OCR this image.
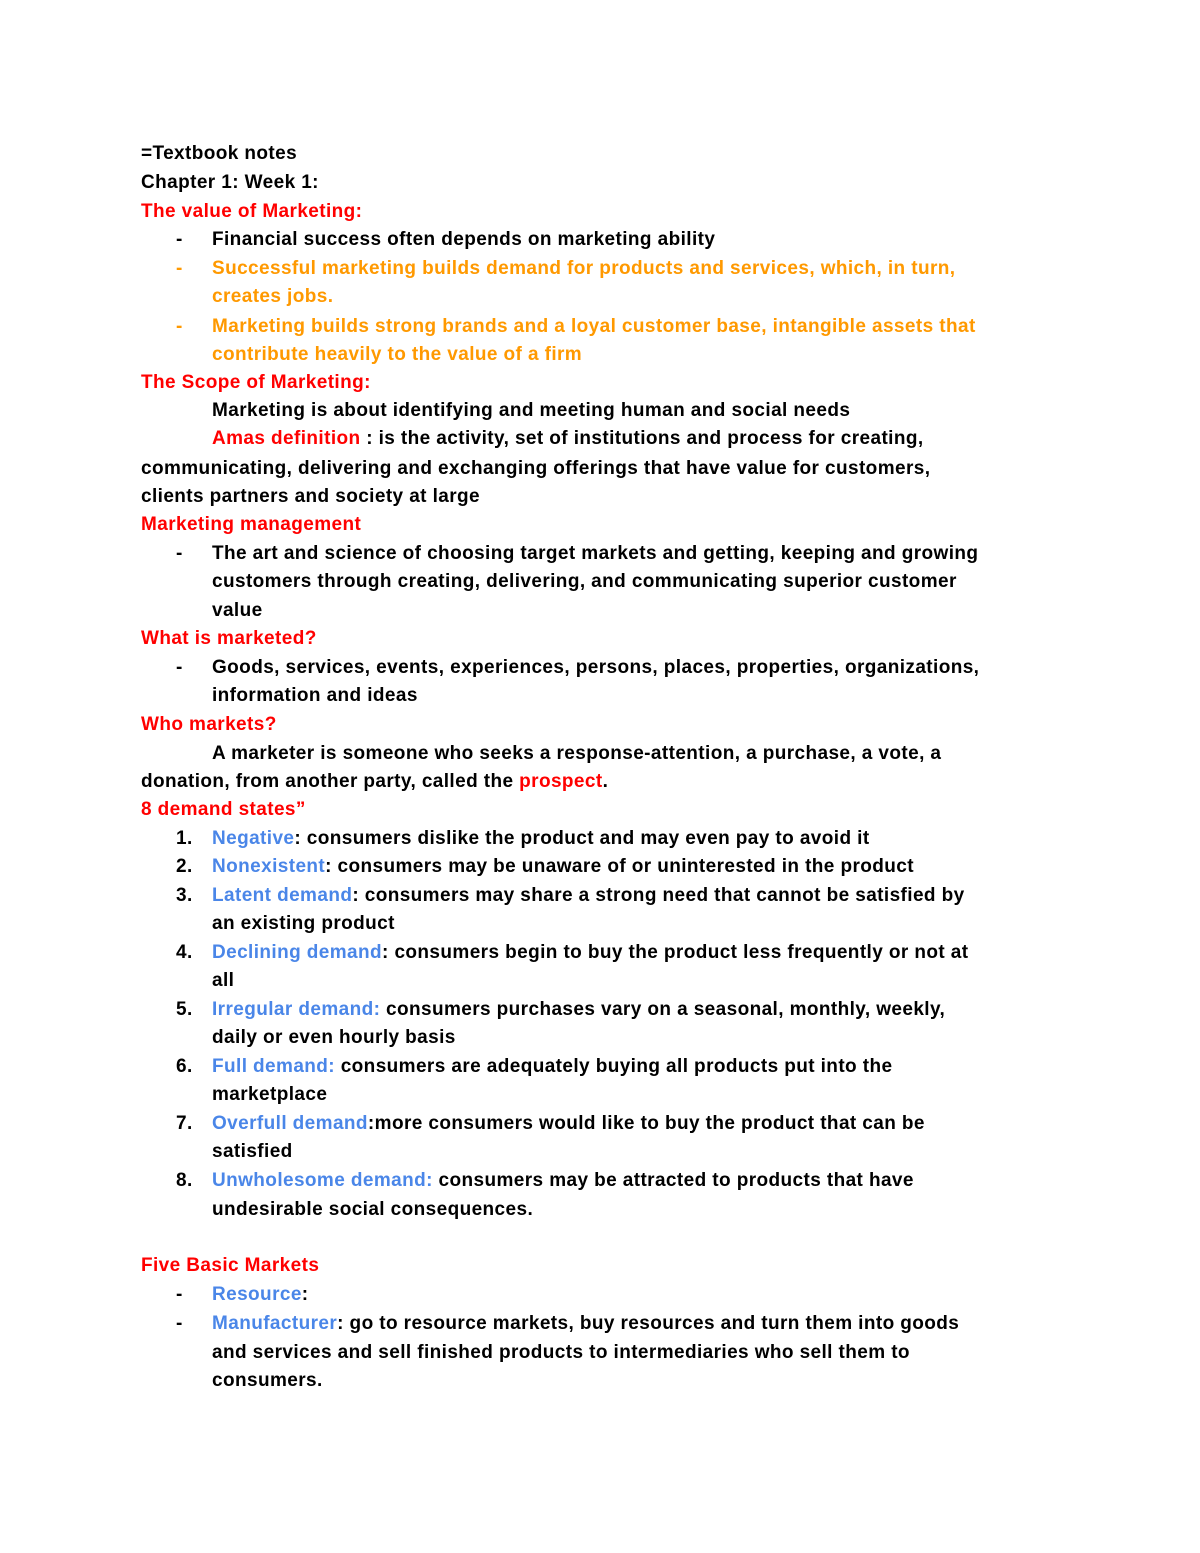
=Textbook notes
Chapter 1: Week 1:
The value of Marketing:
- Financial success often depends on marketing ability
- Successful marketing builds demand for products and services, which, in turn,
creates jobs.
- Marketing builds strong brands and a loyal customer base, intangible assets that
contribute heavily to the value of a firm
The Scope of Marketing:
Marketing is about identifying and meeting human and social needs
Amas definition : is the activity, set of institutions and process for creating,
communicating, delivering and exchanging offerings that have value for customers,
clients partners and society at large
Marketing management
- The art and science of choosing target markets and getting, keeping and growing
customers through creating, delivering, and communicating superior customer
value
What is marketed?
- Goods, services, events, experiences, persons, places, properties, organizations,
information and ideas
Who markets?
A marketer is someone who seeks a response-attention, a purchase, a vote, a
donation, from another party, called the prospect.
8 demand states”
1. Negative: consumers dislike the product and may even pay to avoid it
2. Nonexistent: consumers may be unaware of or uninterested in the product
3. Latent demand: consumers may share a strong need that cannot be satisfied by
an existing product
4. Declining demand: consumers begin to buy the product less frequently or not at
all
5. Irregular demand: consumers purchases vary on a seasonal, monthly, weekly,
daily or even hourly basis
6. Full demand: consumers are adequately buying all products put into the
marketplace
7. Overfull demand:more consumers would like to buy the product that can be
satisfied
8. Unwholesome demand: consumers may be attracted to products that have
undesirable social consequences.
Five Basic Markets
- Resource:
- Manufacturer: go to resource markets, buy resources and turn them into goods
and services and sell finished products to intermediaries who sell them to
consumers.
